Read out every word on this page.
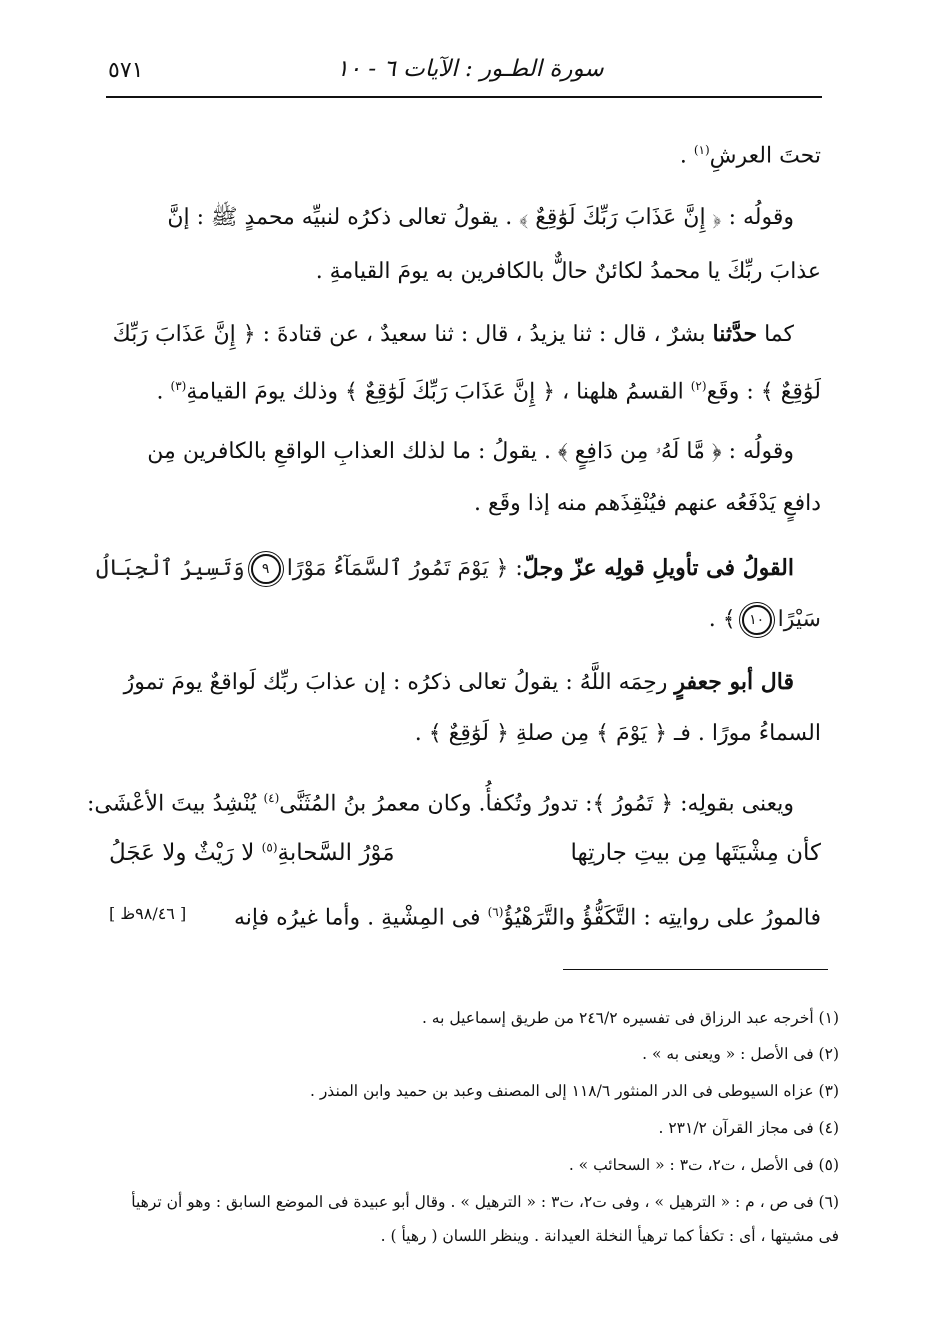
سورة الطـور : الآيات ٦ - ١٠
٥٧١
تحتَ العرشِ$^{(١)}$ .
وقولُه : ﴿ إِنَّ عَذَابَ رَبِّكَ لَوَٰقِعٌ ﴾ . يقولُ تعالى ذكرُه لنبيِّه محمدٍ ﷺ : إنَّ
عذابَ ربِّكَ يا محمدُ لكائنٌ حالٌّ بالكافرين به يومَ القيامةِ .
كما حدَّثنا بشرٌ ، قال : ثنا يزيدُ ، قال : ثنا سعيدٌ ، عن قتادةَ : ﴿ إِنَّ عَذَابَ رَبِّكَ
لَوَٰقِعٌ ﴾ : وقَع$^{(٢)}$ القسمُ هلهنا ، ﴿ إِنَّ عَذَابَ رَبِّكَ لَوَٰقِعٌ ﴾ وذلك يومَ القيامةِ$^{(٣)}$ .
وقولُه : ﴿ مَّا لَهُۥ مِن دَافِعٍ ﴾ . يقولُ : ما لذلك العذابِ الواقعِ بالكافرين مِن
دافعٍ يَدْفَعُه عنهم فيُنْقِذَهم منه إذا وقَع .
القولُ فى تأويلِ قولِه عزّ وجلّ: ﴿ يَوْمَ تَمُورُ ٱلسَّمَآءُ مَوْرًا٩وَتَسِيرُ ٱلْجِبَالُ
سَيْرًا١٠﴾ .
قال أبو جعفرٍ رحِمَه اللَّهُ : يقولُ تعالى ذكرُه : إن عذابَ ربِّك لَواقعٌ يومَ تمورُ
السماءُ مورًا . فـ ﴿ يَوْمَ ﴾ مِن صلةِ ﴿ لَوَٰقِعٌ ﴾ .
ويعنى بقولِه: ﴿ تَمُورُ ﴾: تدورُ وتُكفأُ. وكان معمرُ بنُ المُثَنَّى$^{(٤)}$ يُنْشِدُ بيتَ الأعْشَى:
كأن مِشْيَتَها مِن بيتِ جارتِها
مَوْرُ السَّحابةِ$^{(٥)}$ لا رَيْثٌ ولا عَجَلُ
فالمورُ على روايتِه : التَّكَفُّؤُ والتَّرَهْيُؤُ$^{(٦)}$ فى المِشْيةِ . وأما غيرُه فإنه
[ ٩٨/٤٦ظ ]
(١) أخرجه عبد الرزاق فى تفسيره ٢٤٦/٢ من طريق إسماعيل به .
(٢) فى الأصل : « ويعنى به » .
(٣) عزاه السيوطى فى الدر المنثور ١١٨/٦ إلى المصنف وعبد بن حميد وابن المنذر .
(٤) فى مجاز القرآن ٢٣١/٢ .
(٥) فى الأصل ، ت٢، ت٣ : « السحائب » .
(٦) فى ص ، م : « الترهيل » ، وفى ت٢، ت٣ : « الترهيل » . وقال أبو عبيدة فى الموضع السابق : وهو أن ترهيأ
فى مشيتها ، أى : تكفأ كما ترهيأ النخلة العيدانة . وينظر اللسان ( رهيأ ) .
